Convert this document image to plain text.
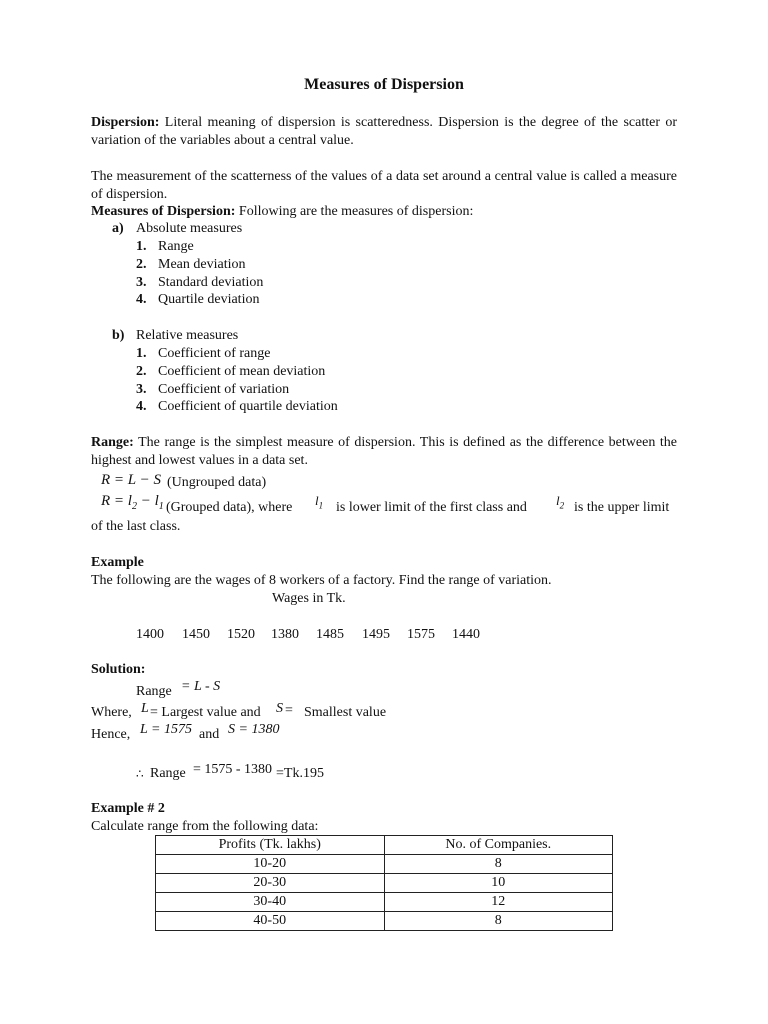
Measures of Dispersion
Dispersion: Literal meaning of dispersion is scatteredness. Dispersion is the degree of the scatter or variation of the variables about a central value.
The measurement of the scatterness of the values of a data set around a central value is called a measure of dispersion.
Measures of Dispersion: Following are the measures of dispersion:
a) Absolute measures
1. Range
2. Mean deviation
3. Standard deviation
4. Quartile deviation
b) Relative measures
1. Coefficient of range
2. Coefficient of mean deviation
3. Coefficient of variation
4. Coefficient of quartile deviation
Range: The range is the simplest measure of dispersion. This is defined as the difference between the highest and lowest values in a data set.
R = L − S (Ungrouped data)
$R = l_2 - l_1$ (Grouped data), where $l_1$ is lower limit of the first class and $l_2$ is the upper limit
of the last class.
Example
The following are the wages of 8 workers of a factory. Find the range of variation.
Wages in Tk.
1400 1450 1520 1380 1485 1495 1575 1440
Solution:
Range = L - S
Where, L = Largest value and S = Smallest value
Hence, L = 1575 and S = 1380
∴ Range = 1575 - 1380 =Tk.195
Example # 2
Calculate range from the following data:
Profits (Tk. lakhs)	No. of Companies.
10-20	8
20-30	10
30-40	12
40-50	8
